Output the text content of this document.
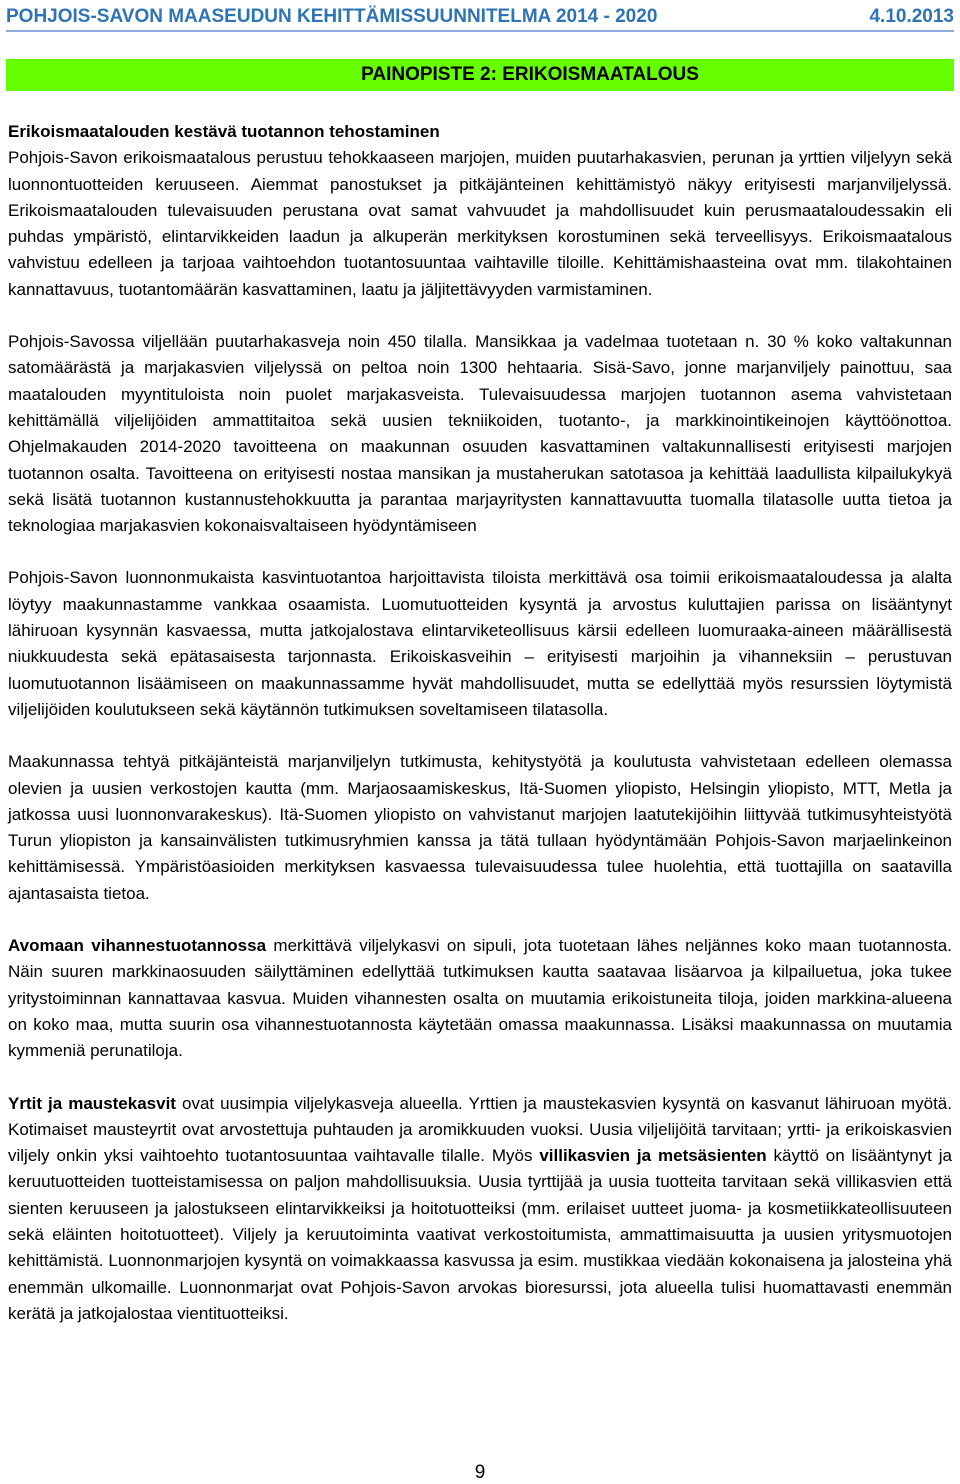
POHJOIS-SAVON MAASEUDUN KEHITTÄMISSUUNNITELMA 2014 - 2020	4.10.2013
PAINOPISTE 2: ERIKOISMAATALOUS

Erikoismaatalouden kestävä tuotannon tehostaminen

Pohjois-Savon erikoismaatalous perustuu tehokkaaseen marjojen, muiden puutarhakasvien, perunan ja yrttien viljelyyn sekä luonnontuotteiden keruuseen. Aiemmat panostukset ja pitkäjänteinen kehittämistyö näkyy erityisesti marjanviljelyssä. Erikoismaatalouden tulevaisuuden perustana ovat samat vahvuudet ja mahdollisuudet kuin perusmaataloudessakin eli puhdas ympäristö, elintarvikkeiden laadun ja alkuperän merkityksen korostuminen sekä terveellisyys. Erikoismaatalous vahvistuu edelleen ja tarjoaa vaihtoehdon tuotantosuuntaa vaihtaville tiloille. Kehittämishaasteina ovat mm. tilakohtainen kannattavuus, tuotantomäärän kasvattaminen, laatu ja jäljitettävyyden varmistaminen.

Pohjois-Savossa viljellään puutarhakasveja noin 450 tilalla. Mansikkaa ja vadelmaa tuotetaan n. 30 % koko valtakunnan satomäärästä ja marjakasvien viljelyssä on peltoa noin 1300 hehtaaria. Sisä-Savo, jonne marjanviljely painottuu, saa maatalouden myyntituloista noin puolet marjakasveista. Tulevaisuudessa marjojen tuotannon asema vahvistetaan kehittämällä viljelijöiden ammattitaitoa sekä uusien tekniikoiden, tuotanto-, ja markkinointikeinojen käyttöönottoa. Ohjelmakauden 2014-2020 tavoitteena on maakunnan osuuden kasvattaminen valtakunnallisesti erityisesti marjojen tuotannon osalta. Tavoitteena on erityisesti nostaa mansikan ja mustaherukan satotasoa ja kehittää laadullista kilpailukykyä sekä lisätä tuotannon kustannustehokkuutta ja parantaa marjayritysten kannattavuutta tuomalla tilatasolle uutta tietoa ja teknologiaa marjakasvien kokonaisvaltaiseen hyödyntämiseen

Pohjois-Savon luonnonmukaista kasvintuotantoa harjoittavista tiloista merkittävä osa toimii erikoismaataloudessa ja alalta löytyy maakunnastamme vankkaa osaamista. Luomutuotteiden kysyntä ja arvostus kuluttajien parissa on lisääntynyt lähiruoan kysynnän kasvaessa, mutta jatkojalostava elintarviketeollisuus kärsii edelleen luomuraaka-aineen määrällisestä niukkuudesta sekä epätasaisesta tarjonnasta. Erikoiskasveihin – erityisesti marjoihin ja vihanneksiin – perustuvan luomutuotannon lisäämiseen on maakunnassamme hyvät mahdollisuudet, mutta se edellyttää myös resurssien löytymistä viljelijöiden koulutukseen sekä käytännön tutkimuksen soveltamiseen tilatasolla.

Maakunnassa tehtyä pitkäjänteistä marjanviljelyn tutkimusta, kehitystyötä ja koulutusta vahvistetaan edelleen olemassa olevien ja uusien verkostojen kautta (mm. Marjaosaamiskeskus, Itä-Suomen yliopisto, Helsingin yliopisto, MTT, Metla ja jatkossa uusi luonnonvarakeskus). Itä-Suomen yliopisto on vahvistanut marjojen laatutekijöihin liittyvää tutkimusyhteistyötä Turun yliopiston ja kansainvälisten tutkimusryhmien kanssa ja tätä tullaan hyödyntämään Pohjois-Savon marjaelinkeinon kehittämisessä. Ympäristöasioiden merkityksen kasvaessa tulevaisuudessa tulee huolehtia, että tuottajilla on saatavilla ajantasaista tietoa.

Avomaan vihannestuotannossa merkittävä viljelykasvi on sipuli, jota tuotetaan lähes neljännes koko maan tuotannosta. Näin suuren markkinaosuuden säilyttäminen edellyttää tutkimuksen kautta saatavaa lisäarvoa ja kilpailuetua, joka tukee yritystoiminnan kannattavaa kasvua. Muiden vihannesten osalta on muutamia erikoistuneita tiloja, joiden markkina-alueena on koko maa, mutta suurin osa vihannestuotannosta käytetään omassa maakunnassa. Lisäksi maakunnassa on muutamia kymmeniä perunatiloja.

Yrtit ja maustekasvit ovat uusimpia viljelykasveja alueella. Yrttien ja maustekasvien kysyntä on kasvanut lähiruoan myötä. Kotimaiset mausteyrtit ovat arvostettuja puhtauden ja aromikkuuden vuoksi. Uusia viljelijöitä tarvitaan; yrtti- ja erikoiskasvien viljely onkin yksi vaihtoehto tuotantosuuntaa vaihtavalle tilalle. Myös villikasvien ja metsäsienten käyttö on lisääntynyt ja keruutuotteiden tuotteistamisessa on paljon mahdollisuuksia. Uusia tyrttijää ja uusia tuotteita tarvitaan sekä villikasvien että sienten keruuseen ja jalostukseen elintarvikkeiksi ja hoitotuotteiksi (mm. erilaiset uutteet juoma- ja kosmetiikkateollisuuteen sekä eläinten hoitotuotteet). Viljely ja keruutoiminta vaativat verkostoitumista, ammattimaisuutta ja uusien yritysmuotojen kehittämistä. Luonnonmarjojen kysyntä on voimakkaassa kasvussa ja esim. mustikkaa viedään kokonaisena ja jalosteina yhä enemmän ulkomaille. Luonnonmarjat ovat Pohjois-Savon arvokas bioresurssi, jota alueella tulisi huomattavasti enemmän kerätä ja jatkojalostaa vientituotteiksi.

9
